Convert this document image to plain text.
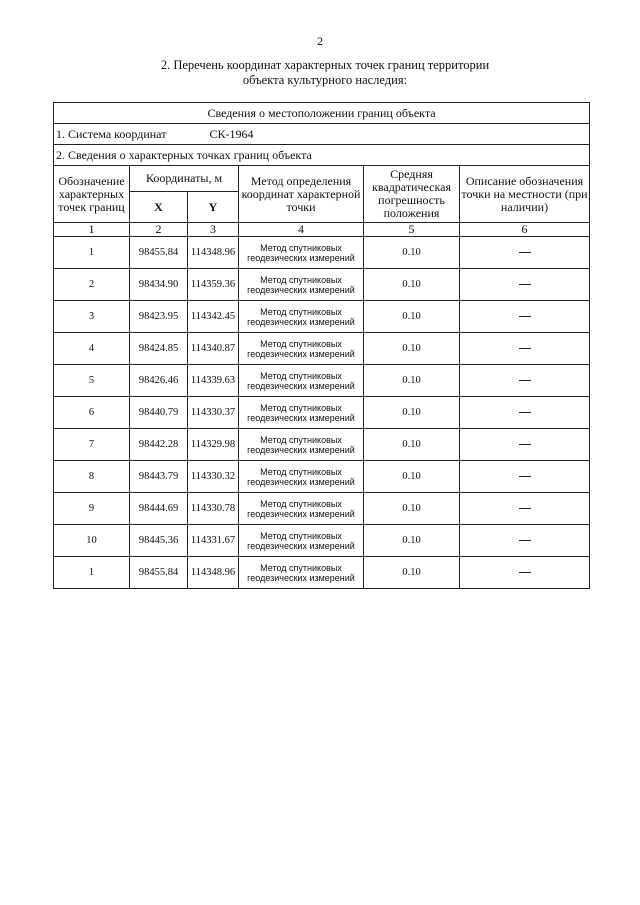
2
2. Перечень координат характерных точек границ территории
объекта культурного наследия:
Сведения о местоположении границ объекта					
1. Система координат СК-1964					
2. Сведения о характерных точках границ объекта					
Обозначение характерных точек границ	Координаты, м		Метод определения координат характерной точки	Средняя квадратическая погрешность положения	Описание обозначения точки на местности (при наличии)
	X	Y			
1	2	3	4	5	6
1	98455.84	114348.96	Метод спутниковых геодезических измерений	0.10	
2	98434.90	114359.36	Метод спутниковых геодезических измерений	0.10	
3	98423.95	114342.45	Метод спутниковых геодезических измерений	0.10	
4	98424.85	114340.87	Метод спутниковых геодезических измерений	0.10	
5	98426.46	114339.63	Метод спутниковых геодезических измерений	0.10	
6	98440.79	114330.37	Метод спутниковых геодезических измерений	0.10	
7	98442.28	114329.98	Метод спутниковых геодезических измерений	0.10	
8	98443.79	114330.32	Метод спутниковых геодезических измерений	0.10	
9	98444.69	114330.78	Метод спутниковых геодезических измерений	0.10	
10	98445.36	114331.67	Метод спутниковых геодезических измерений	0.10	
1	98455.84	114348.96	Метод спутниковых геодезических измерений	0.10	
